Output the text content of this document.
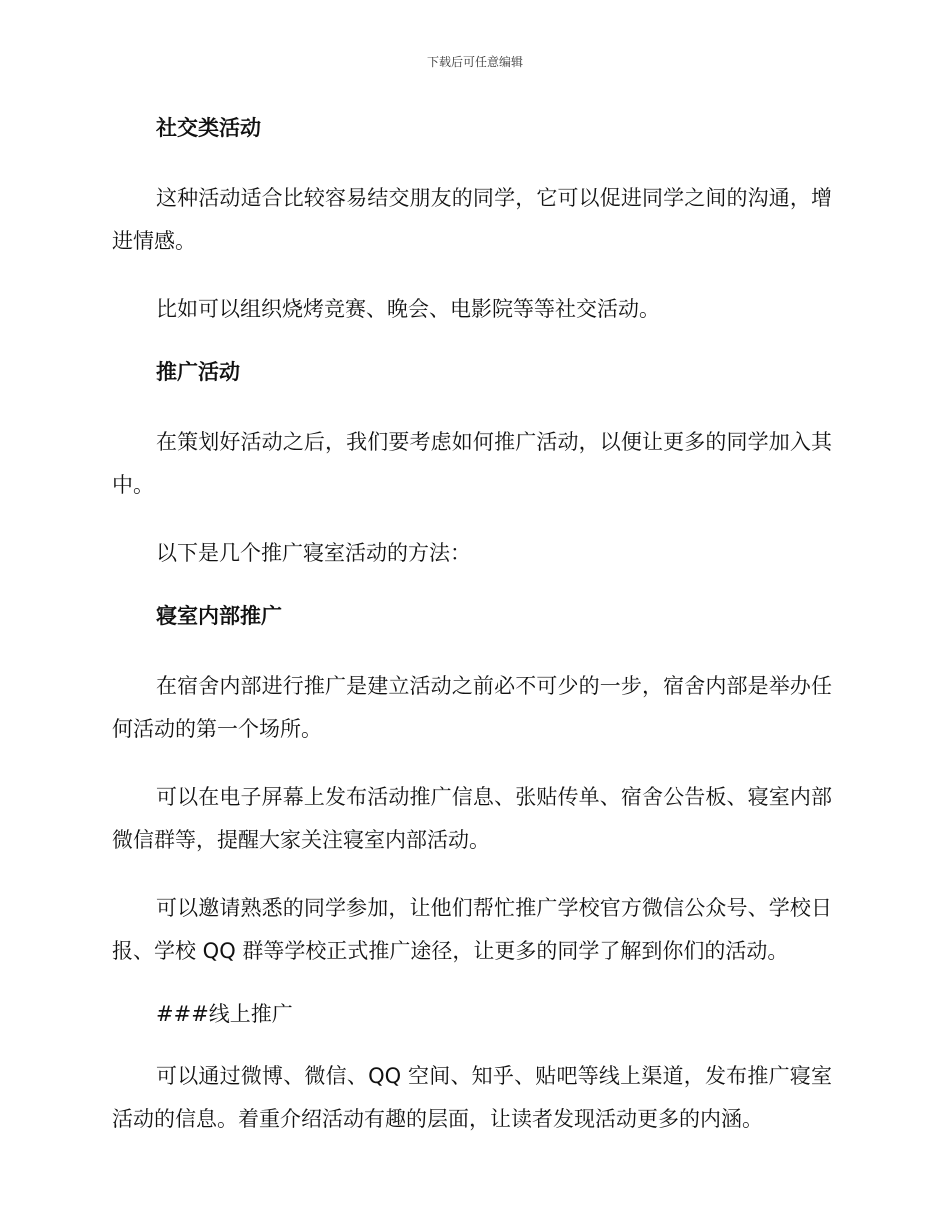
下载后可任意编辑
社交类活动
这种活动适合比较容易结交朋友的同学，它可以促进同学之间的沟通，增进情感。
比如可以组织烧烤竞赛、晚会、电影院等等社交活动。
推广活动
在策划好活动之后，我们要考虑如何推广活动，以便让更多的同学加入其中。
以下是几个推广寝室活动的方法：
寝室内部推广
在宿舍内部进行推广是建立活动之前必不可少的一步，宿舍内部是举办任何活动的第一个场所。
可以在电子屏幕上发布活动推广信息、张贴传单、宿舍公告板、寝室内部微信群等，提醒大家关注寝室内部活动。
可以邀请熟悉的同学参加，让他们帮忙推广学校官方微信公众号、学校日报、学校 QQ 群等学校正式推广途径，让更多的同学了解到你们的活动。
###线上推广
可以通过微博、微信、QQ 空间、知乎、贴吧等线上渠道，发布推广寝室活动的信息。着重介绍活动有趣的层面，让读者发现活动更多的内涵。
